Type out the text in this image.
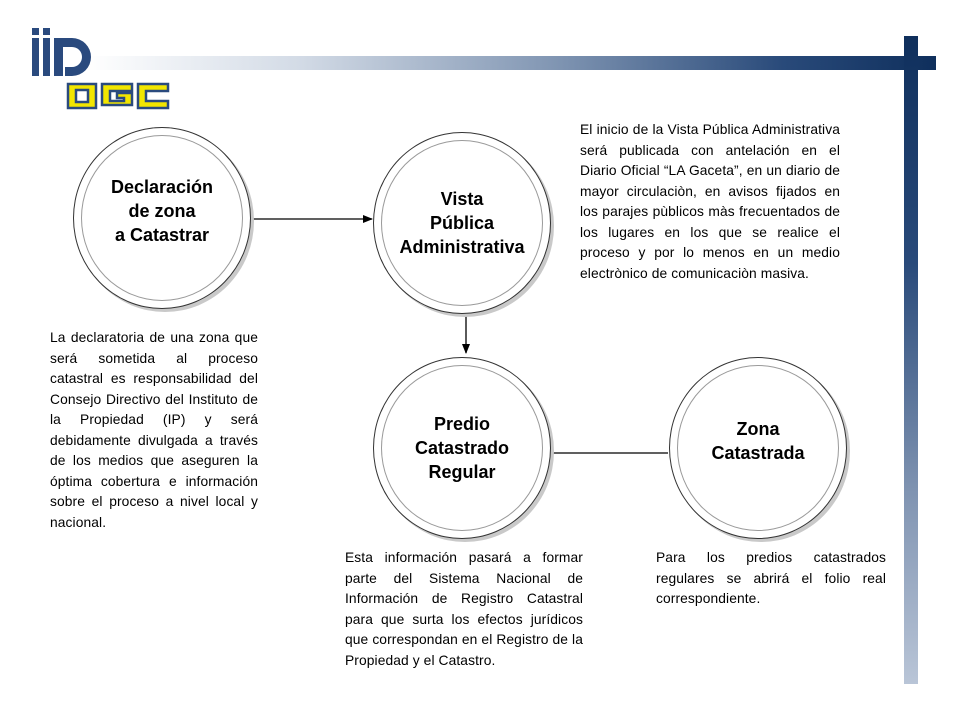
Declaración
de zona
a Catastrar
Vista
Pública
Administrativa
Predio
Catastrado
Regular
Zona
Catastrada
La declaratoria de una zona que será sometida al proceso catastral es responsabilidad del Consejo Directivo del Instituto de la Propiedad (IP) y será debidamente divulgada a través de los medios que aseguren la óptima cobertura e información sobre el proceso a nivel local y nacional.
El inicio de la Vista Pública Administrativa será publicada con antelación en el Diario Oficial “LA Gaceta”, en un diario de mayor circulaciòn, en avisos fijados en los parajes pùblicos màs frecuentados de los lugares en los que se realice el proceso y por lo menos en un medio electrònico de comunicaciòn masiva.
Esta información pasará a formar parte del Sistema Nacional de Información de Registro Catastral para que surta los efectos jurídicos que correspondan en el Registro de la Propiedad y el Catastro.
Para los predios catastrados regulares se abrirá el folio real correspondiente.
